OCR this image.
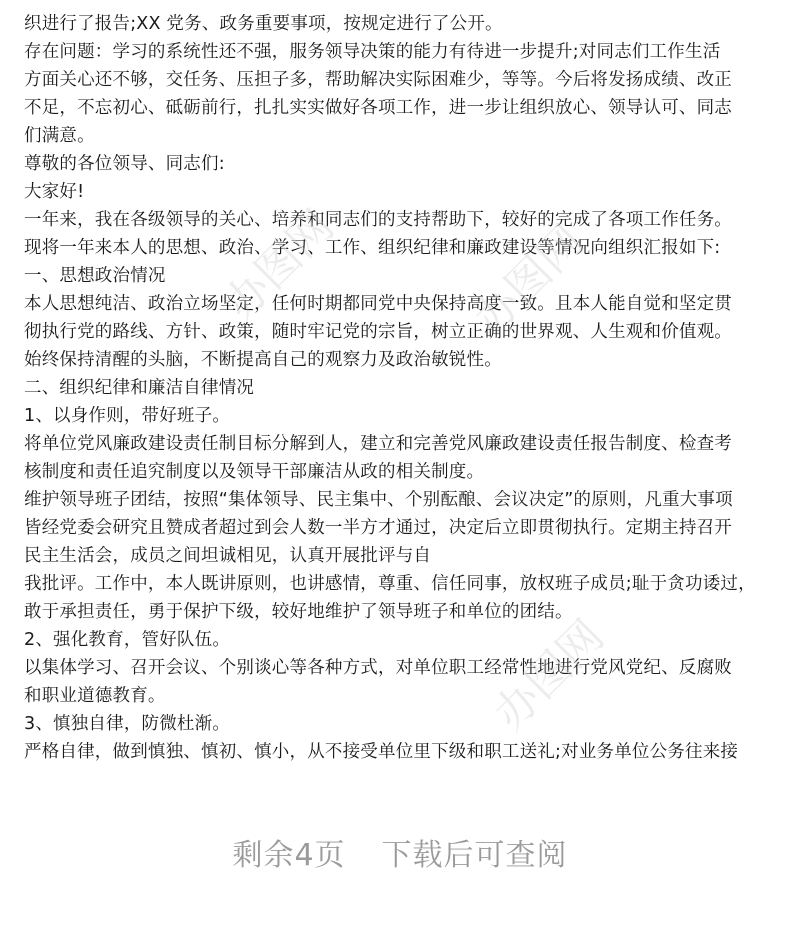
织进行了报告;XX 党务、政务重要事项，按规定进行了公开。
存在问题：学习的系统性还不强，服务领导决策的能力有待进一步提升;对同志们工作生活
方面关心还不够，交任务、压担子多，帮助解决实际困难少，等等。今后将发扬成绩、改正
不足，不忘初心、砥砺前行，扎扎实实做好各项工作，进一步让组织放心、领导认可、同志
们满意。
尊敬的各位领导、同志们:
大家好!
一年来，我在各级领导的关心、培养和同志们的支持帮助下，较好的完成了各项工作任务。
现将一年来本人的思想、政治、学习、工作、组织纪律和廉政建设等情况向组织汇报如下:
一、思想政治情况
本人思想纯洁、政治立场坚定，任何时期都同党中央保持高度一致。且本人能自觉和坚定贯
彻执行党的路线、方针、政策，随时牢记党的宗旨，树立正确的世界观、人生观和价值观。
始终保持清醒的头脑，不断提高自己的观察力及政治敏锐性。
二、组织纪律和廉洁自律情况
1、以身作则，带好班子。
将单位党风廉政建设责任制目标分解到人，建立和完善党风廉政建设责任报告制度、检查考
核制度和责任追究制度以及领导干部廉洁从政的相关制度。
维护领导班子团结，按照“集体领导、民主集中、个别酝酿、会议决定”的原则，凡重大事项
皆经党委会研究且赞成者超过到会人数一半方才通过，决定后立即贯彻执行。定期主持召开
民主生活会，成员之间坦诚相见，认真开展批评与自
我批评。工作中，本人既讲原则，也讲感情，尊重、信任同事，放权班子成员;耻于贪功诿过，
敢于承担责任，勇于保护下级，较好地维护了领导班子和单位的团结。
2、强化教育，管好队伍。
以集体学习、召开会议、个别谈心等各种方式，对单位职工经常性地进行党风党纪、反腐败
和职业道德教育。
3、慎独自律，防微杜渐。
严格自律，做到慎独、慎初、慎小，从不接受单位里下级和职工送礼;对业务单位公务往来接
办图网	办图网
办图网
剩余4页 下载后可查阅
